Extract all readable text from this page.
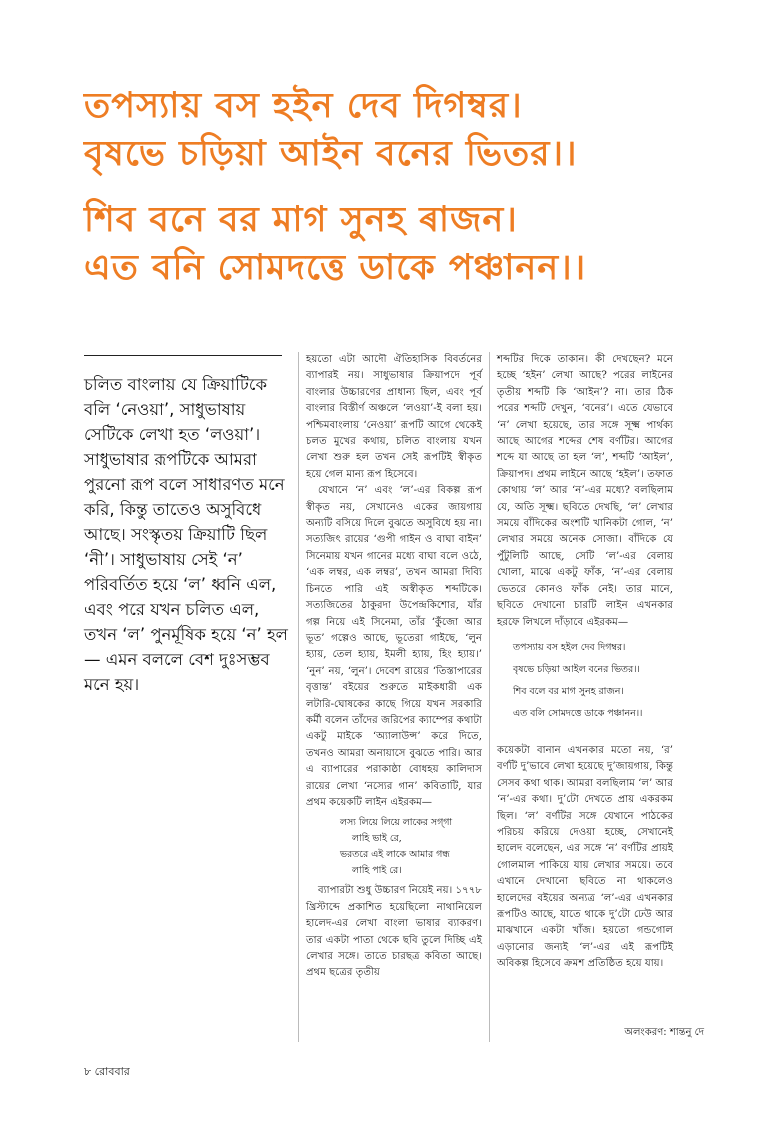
তপস্যায় বস হইন দেব দিগম্বর।
বৃষভে চড়িয়া আইন বনের ভিতর।।
শিব বনে বর মাগ সুনহ ৰাজন।
এত বনি সোমদত্তে ডাকে পঞ্চানন।।

চলিত বাংলায় যে ক্রিয়াটিকে বলি ‘নেওয়া’, সাধুভাষায় সেটিকে লেখা হত ‘লওয়া’। সাধুভাষার রূপটিকে আমরা পুরনো রূপ বলে সাধারণত মনে করি, কিন্তু তাতেও অসুবিধে আছে। সংস্কৃতয় ক্রিয়াটি ছিল ‘নী’। সাধুভাষায় সেই ‘ন’ পরিবর্তিত হয়ে ‘ল’ ধ্বনি এল, এবং পরে যখন চলিত এল, তখন ‘ল’ পুনর্মূষিক হয়ে ‘ন’ হল— এমন বললে বেশ দুঃসম্ভব মনে হয়।

হয়তো এটা আদৌ ঐতিহাসিক বিবর্তনের ব্যাপারই নয়। সাধুভাষার ক্রিয়াপদে পূর্ব বাংলার উচ্চারণের প্রাধান্য ছিল, এবং পূর্ব বাংলার বিস্তীর্ণ অঞ্চলে ‘লওয়া’-ই বলা হয়। পশ্চিমবাংলায় ‘নেওয়া’ রূপটি আগে থেকেই চলত মুখের কথায়, চলিত বাংলায় যখন লেখা শুরু হল তখন সেই রূপটিই স্বীকৃত হয়ে গেল মান্য রূপ হিসেবে।

যেখানে ‘ন’ এবং ‘ল’-এর বিকল্প রূপ স্বীকৃত নয়, সেখানেও একের জায়গায় অন্যটি বসিয়ে দিলে বুঝতে অসুবিধে হয় না। সত্যজিৎ রায়ের ‘গুপী গাইন ও বাঘা বাইন’ সিনেমায় যখন গানের মধ্যে বাঘা বলে ওঠে, ‘এক লম্বর, এক লম্বর’, তখন আমরা দিব্যি চিনতে পারি এই অস্বীকৃত শব্দটিকে। সত্যজিতের ঠাকুরদা উপেন্দ্রকিশোর, যাঁর গল্প নিয়ে এই সিনেমা, তাঁর ‘কুঁজো আর ভূত’ গল্পেও আছে, ভূতেরা গাইছে, ‘লুন হ্যায়, তেল হ্যায়, ইমলী হ্যায়, হিং হ্যায়।’ ‘নুন’ নয়, ‘লুন’। দেবেশ রায়ের ‘তিস্তাপারের বৃত্তান্ত’ বইয়ের শুরুতে মাইকধারী এক লটারি-ঘোষকের কাছে গিয়ে যখন সরকারি কর্মী বলেন তাঁদের জরিপের ক্যাম্পের কথাটা একটু মাইকে ‘অ্যালাউন্স’ করে দিতে, তখনও আমরা অনায়াসে বুঝতে পারি। আর এ ব্যাপারের পরাকাষ্ঠা বোধহয় কালিদাস রায়ের লেখা ‘নস্যের গান’ কবিতাটি, যার প্রথম কয়েকটি লাইন এইরকম—

লস্য লিয়ে লিয়ে লাকের সগ্‌গা
লাহি ভাই রে,
ভরতরে এই লাকে আমার গন্ধ
লাহি পাই রে।

ব্যাপারটা শুধু উচ্চারণ নিয়েই নয়। ১৭৭৮ খ্রিস্টাব্দে প্রকাশিত হয়েছিলো নাথানিয়েল হালেদ-এর লেখা বাংলা ভাষার ব্যাকরণ। তার একটা পাতা থেকে ছবি তুলে দিচ্ছি এই লেখার সঙ্গে। তাতে চারছত্র কবিতা আছে। প্রথম ছত্রের তৃতীয়

শব্দটির দিকে তাকান। কী দেখছেন? মনে হচ্ছে ‘হইন’ লেখা আছে? পরের লাইনের তৃতীয় শব্দটি কি ‘আইন’? না। তার ঠিক পরের শব্দটি দেখুন, ‘বনের’। এতে যেভাবে ‘ন’ লেখা হয়েছে, তার সঙ্গে সূক্ষ্ম পার্থক্য আছে আগের শব্দের শেষ বর্ণটির। আগের শব্দে যা আছে তা হল ‘ল’, শব্দটি ‘আইল’, ক্রিয়াপদ। প্রথম লাইনে আছে ‘হইল’। তফাত কোথায় ‘ল’ আর ‘ন’-এর মধ্যে? বলছিলাম যে, অতি সূক্ষ্ম। ছবিতে দেখছি, ‘ল’ লেখার সময়ে বাঁদিকের অংশটি খানিকটা গোল, ‘ন’ লেখার সময়ে অনেক সোজা। বাঁদিকে যে পুঁটুলিটি আছে, সেটি ‘ল’-এর বেলায় খোলা, মাঝে একটু ফাঁক, ‘ন’-এর বেলায় ভেতরে কোনও ফাঁক নেই। তার মানে, ছবিতে দেখানো চারটি লাইন এখনকার হরফে লিখলে দাঁড়াবে এইরকম—

তপস্যায় বস হইল দেব দিগম্বর।
বৃষভে চড়িয়া আইল বনের ভিতর।।
শিব বলে বর মাগ সুনহ রাজন।
এত বলি সোমদত্তে ডাকে পঞ্চানন।।

কয়েকটা বানান এখনকার মতো নয়, ‘র’ বর্ণটি দু’ভাবে লেখা হয়েছে দু’জায়গায়, কিন্তু সেসব কথা থাক। আমরা বলছিলাম ‘ল’ আর ‘ন’-এর কথা। দু’টো দেখতে প্রায় একরকম ছিল। ‘ল’ বর্ণটির সঙ্গে যেখানে পাঠকের পরিচয় করিয়ে দেওয়া হচ্ছে, সেখানেই হালেদ বলেছেন, এর সঙ্গে ‘ন’ বর্ণটির প্রায়ই গোলমাল পাকিয়ে যায় লেখার সময়ে। তবে এখানে দেখানো ছবিতে না থাকলেও হালেদের বইয়ের অন্যত্র ‘ল’-এর এখনকার রূপটিও আছে, যাতে থাকে দু’টো ঢেউ আর মাঝখানে একটা খাঁজ। হয়তো গন্ডগোল এড়ানোর জন্যই ‘ল’-এর এই রূপটিই অবিকল্প হিসেবে ক্রমশ প্রতিষ্ঠিত হয়ে যায়।

অলংকরণ: শান্তনু দে
৮ রোববার
